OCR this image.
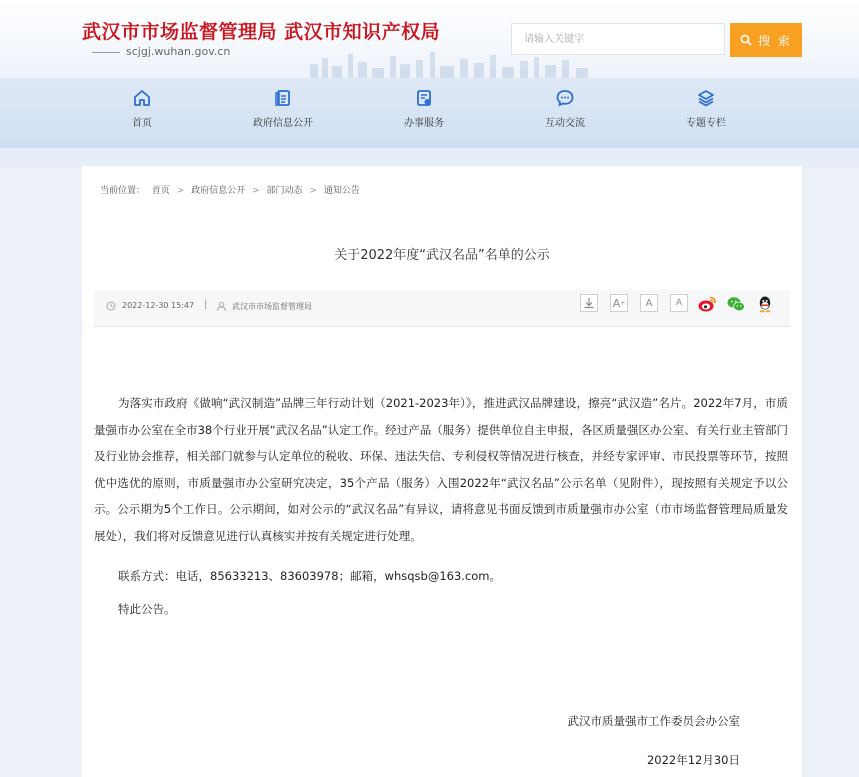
武汉市市场监督管理局 武汉市知识产权局
scjgj.wuhan.gov.cn
请输入关键字
搜 索
首页	政府信息公开	办事服务	互动交流	专题专栏
当前位置： 首页 > 政府信息公开 > 部门动态 > 通知公告
关于2022年度“武汉名品”名单的公示
2022-12-30 15:47 |	武汉市市场监督管理局	A + A	A

为落实市政府《做响“武汉制造”品牌三年行动计划（2021-2023年）》，推进武汉品牌建设，擦亮“武汉造”名片。2022年7月，市质量强市办公室在全市38个行业开展“武汉名品”认定工作。经过产品（服务）提供单位自主申报，各区质量强区办公室、有关行业主管部门及行业协会推荐，相关部门就参与认定单位的税收、环保、违法失信、专利侵权等情况进行核查，并经专家评审、市民投票等环节，按照优中选优的原则，市质量强市办公室研究决定，35个产品（服务）入围2022年“武汉名品”公示名单（见附件），现按照有关规定予以公示。公示期为5个工作日。公示期间，如对公示的“武汉名品”有异议，请将意见书面反馈到市质量强市办公室（市市场监督管理局质量发展处），我们将对反馈意见进行认真核实并按有关规定进行处理。

联系方式：电话，85633213、83603978；邮箱，whsqsb@163.com。

特此公告。

武汉市质量强市工作委员会办公室
2022年12月30日
